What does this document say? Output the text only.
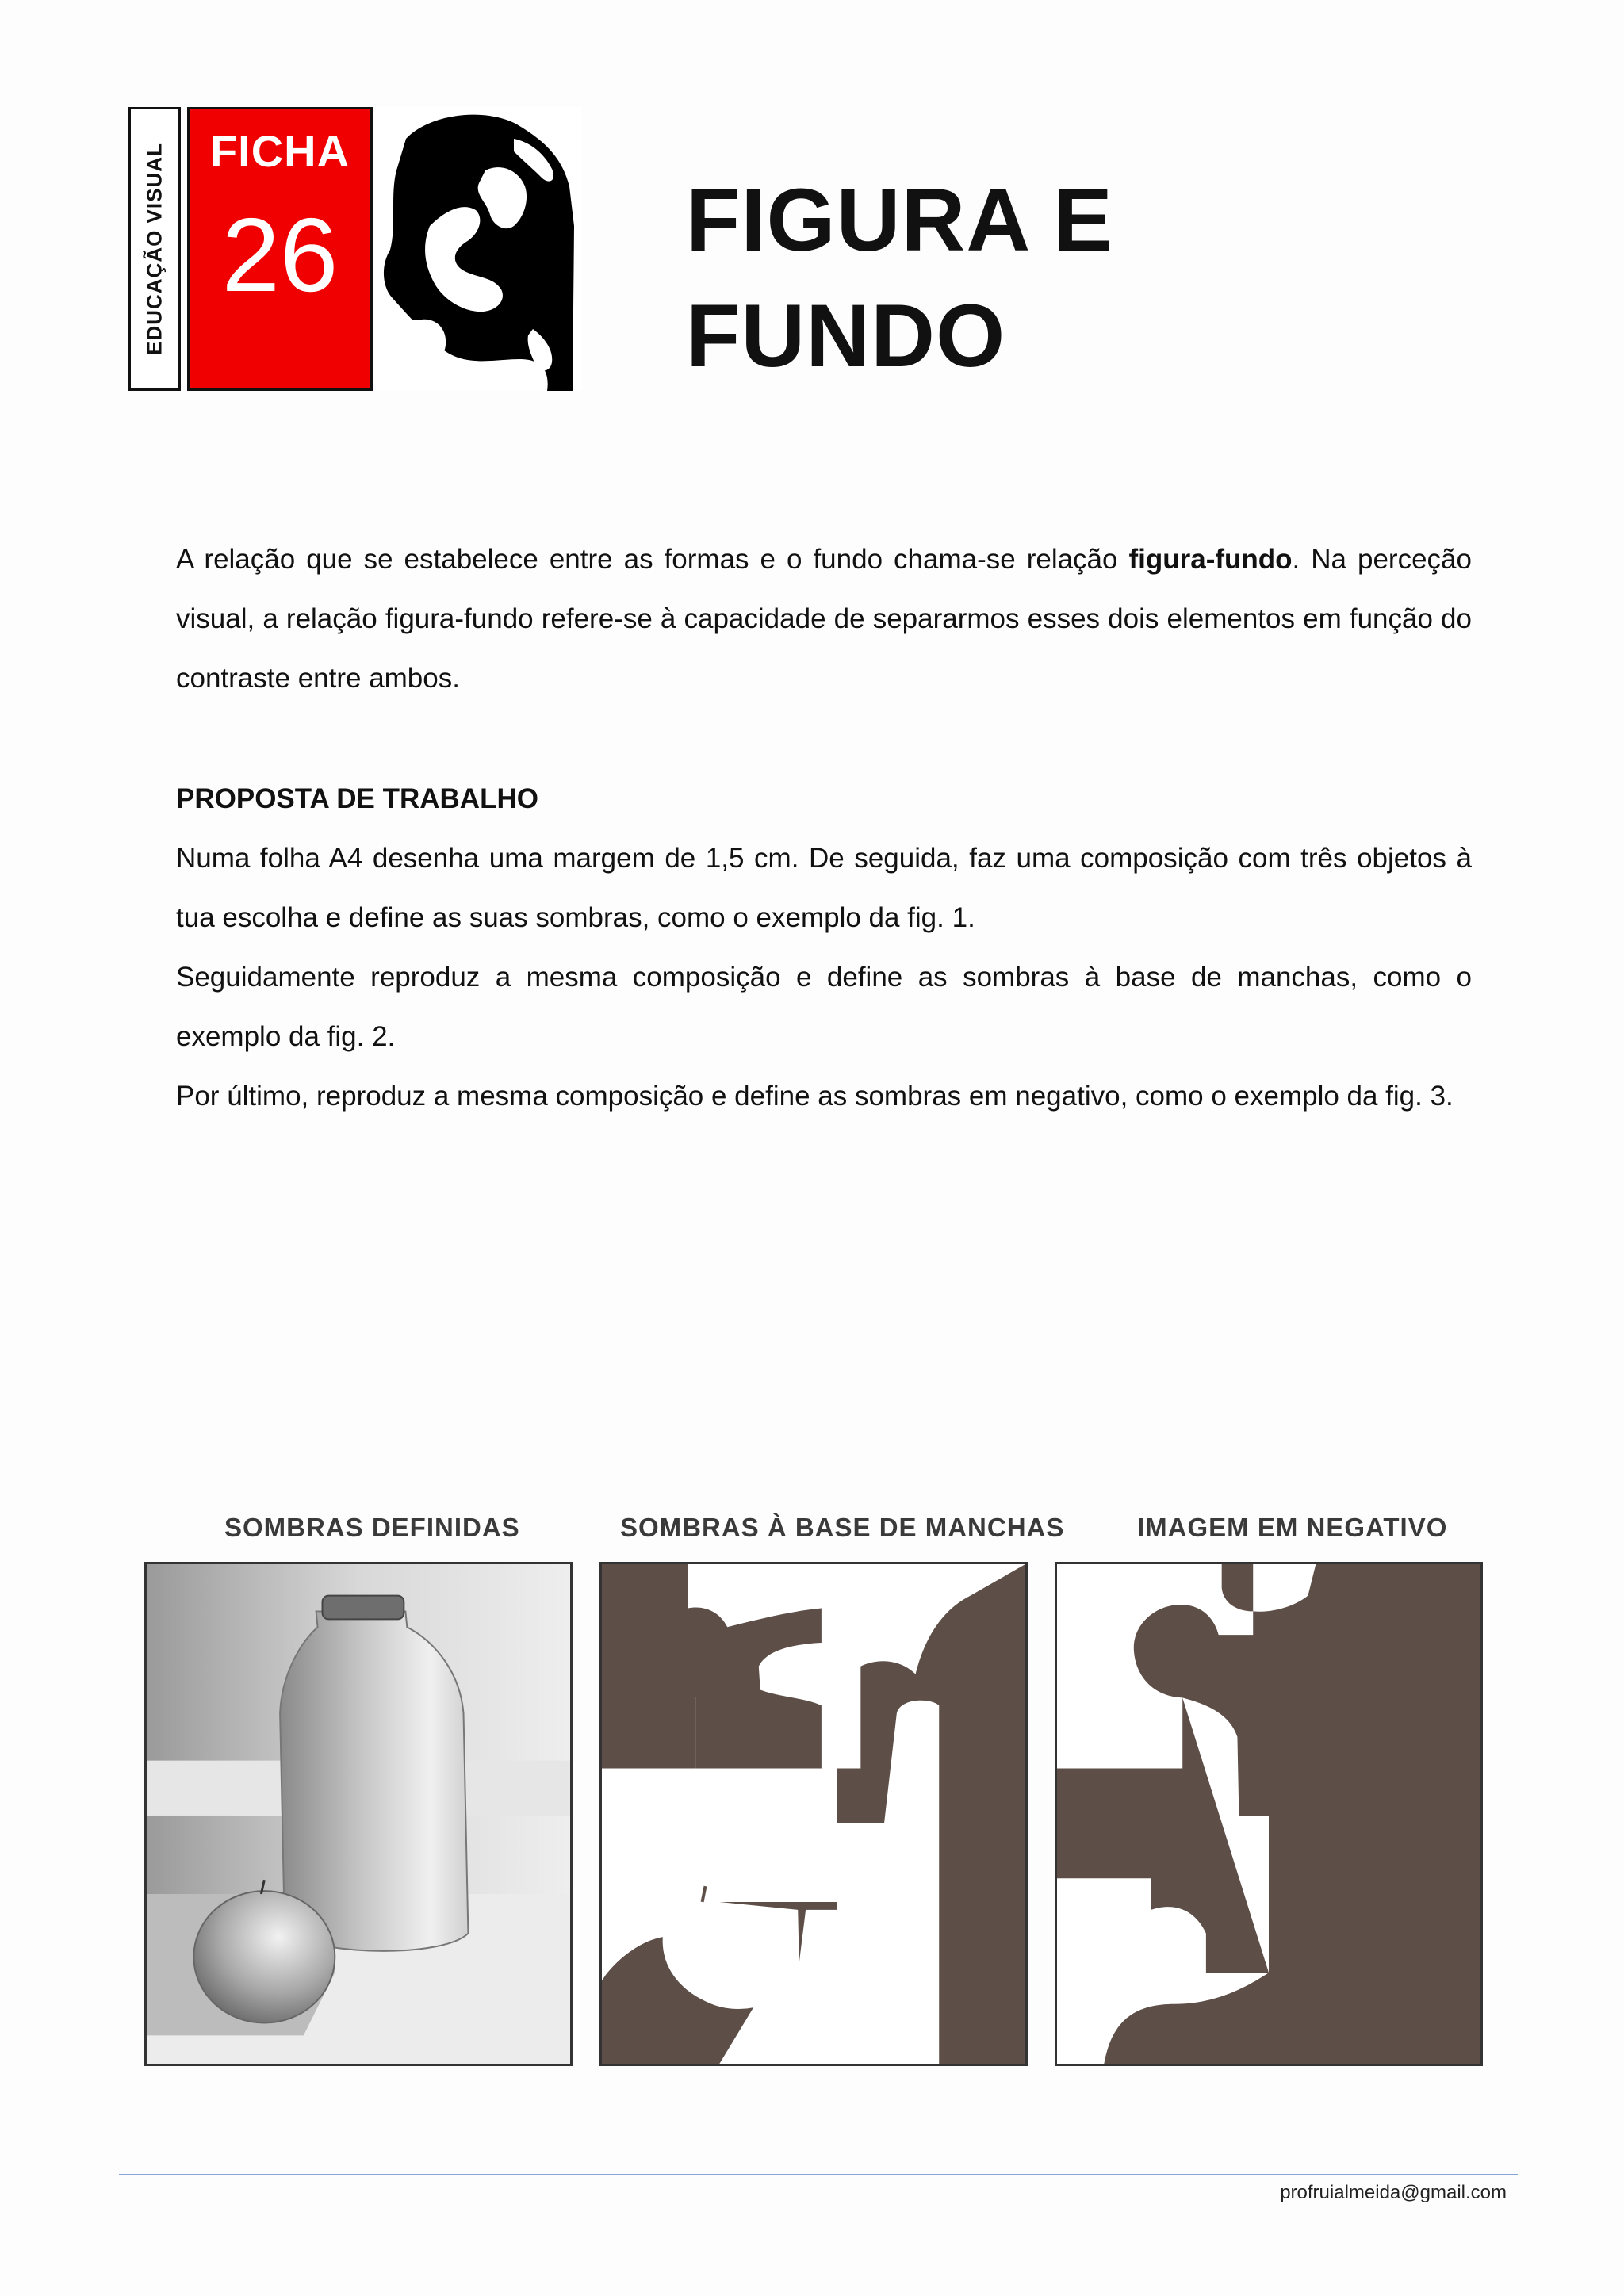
EDUCAÇÃO VISUAL FICHA
26	FIGURA E
FUNDO

A relação que se estabelece entre as formas e o fundo chama-se relação figura-fundo. Na perceção visual, a relação figura-fundo refere-se à capacidade de separarmos esses dois elementos em função do contraste entre ambos.

PROPOSTA DE TRABALHO

Numa folha A4 desenha uma margem de 1,5 cm. De seguida, faz uma composição com três objetos à tua escolha e define as suas sombras, como o exemplo da fig. 1.

Seguidamente reproduz a mesma composição e define as sombras à base de manchas, como o exemplo da fig. 2.

Por último, reproduz a mesma composição e define as sombras em negativo, como o exemplo da fig. 3.

SOMBRAS DEFINIDAS	SOMBRAS À BASE DE MANCHAS	IMAGEM EM NEGATIVO
profruialmeida@gmail.com
